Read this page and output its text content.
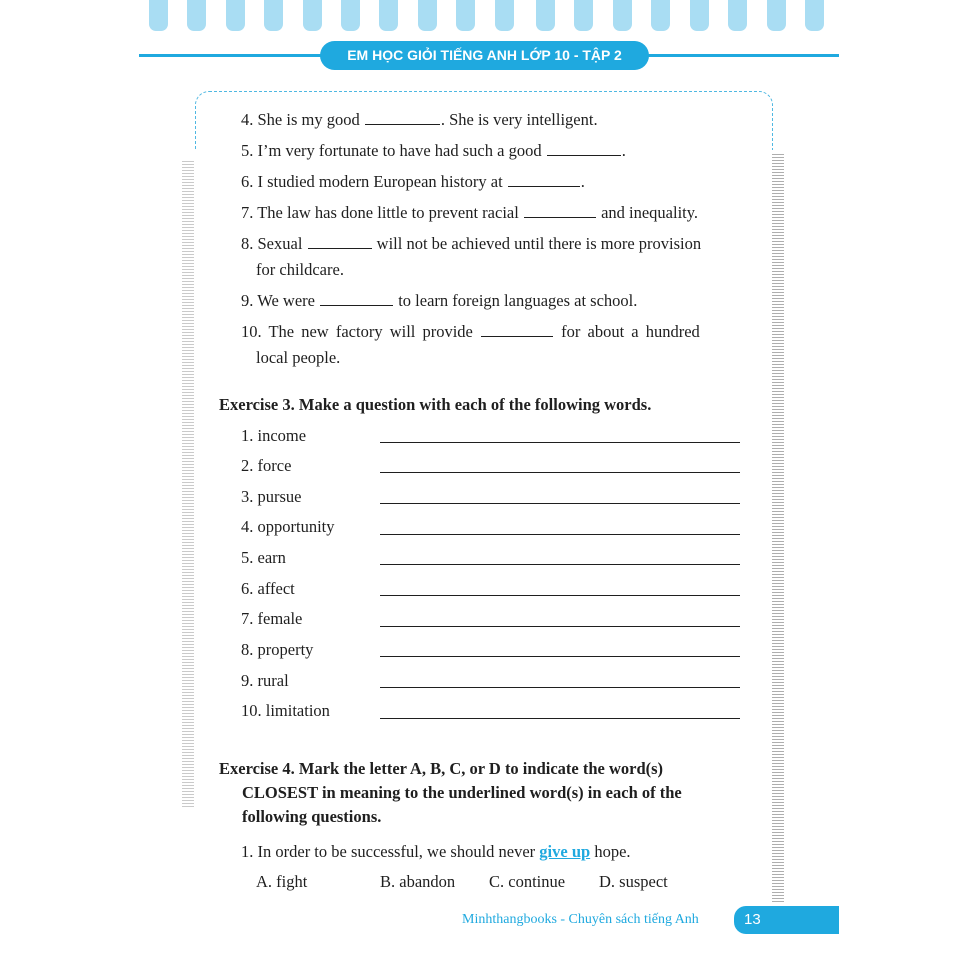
EM HỌC GIỎI TIẾNG ANH LỚP 10 - TẬP 2
4. She is my good	. She is very intelligent.
5. I’m very fortunate to have had such a good	.
6. I studied modern European history at	.
7. The law has done little to prevent racial	and inequality.
8. Sexual	will not be achieved until there is more provision
for childcare.
9. We were	to learn foreign languages at school.
10. The new factory will provide	for about a hundred
local people.
Exercise 3. Make a question with each of the following words.
1. income
2. force
3. pursue
4. opportunity
5. earn
6. affect
7. female
8. property
9. rural
10. limitation
Exercise 4. Mark the letter A, B, C, or D to indicate the word(s)
CLOSEST in meaning to the underlined word(s) in each of the
following questions.
1. In order to be successful, we should never give up hope.
A. fight	B. abandon C. continue D. suspect
Minhthangbooks - Chuyên sách tiếng Anh	13
